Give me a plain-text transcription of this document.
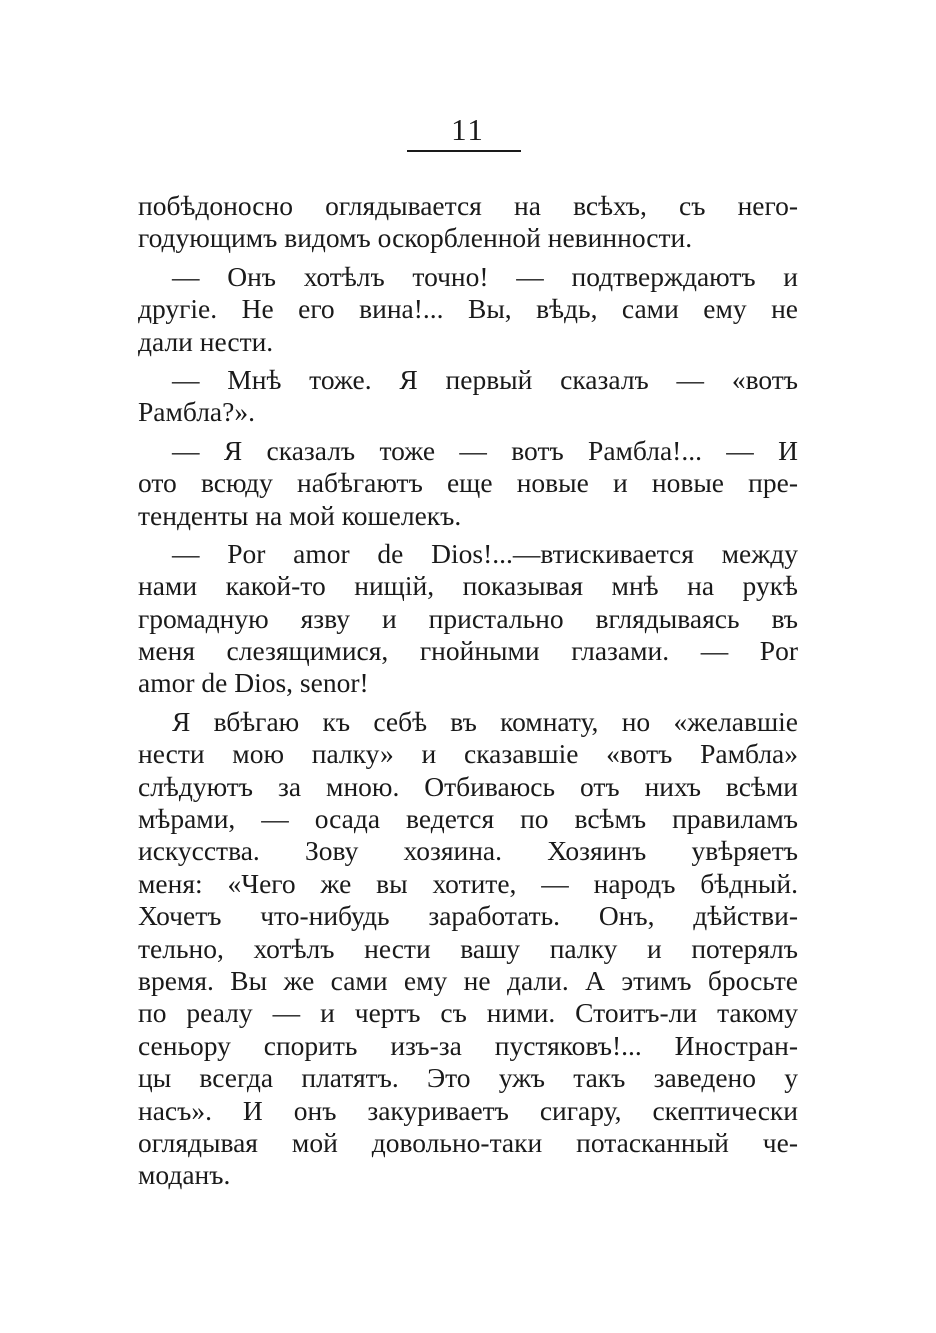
11
побѣдоносно оглядывается на всѣхъ, съ него-
годующимъ видомъ оскорбленной невинности.
— Онъ хотѣлъ точно! — подтверждаютъ и
другіе. Не его вина!... Вы, вѣдь, сами ему не
дали нести.
— Мнѣ тоже. Я первый сказалъ — «вотъ
Рамбла?».
— Я сказалъ тоже — вотъ Рамбла!... — И
ото всюду набѣгаютъ еще новые и новые пре-
тенденты на мой кошелекъ.
— Por amor de Dios!...—втискивается между
нами какой-то нищій, показывая мнѣ на рукѣ
громадную язву и пристально вглядываясь въ
меня слезящимися, гнойными глазами. — Por
amor de Dios, senor!
Я вбѣгаю къ себѣ въ комнату, но «желавшіе
нести мою палку» и сказавшіе «вотъ Рамбла»
слѣдуютъ за мною. Отбиваюсь отъ нихъ всѣми
мѣрами, — осада ведется по всѣмъ правиламъ
искусства. Зову хозяина. Хозяинъ увѣряетъ
меня: «Чего же вы хотите, — народъ бѣдный.
Хочетъ что-нибудь заработать. Онъ, дѣйстви-
тельно, хотѣлъ нести вашу палку и потерялъ
время. Вы же сами ему не дали. А этимъ бросьте
по реалу — и чертъ съ ними. Стоитъ-ли такому
сеньору спорить изъ-за пустяковъ!... Иностран-
цы всегда платятъ. Это ужъ такъ заведено у
насъ». И онъ закуриваетъ сигару, скептически
оглядывая мой довольно-таки потасканный че-
моданъ.
